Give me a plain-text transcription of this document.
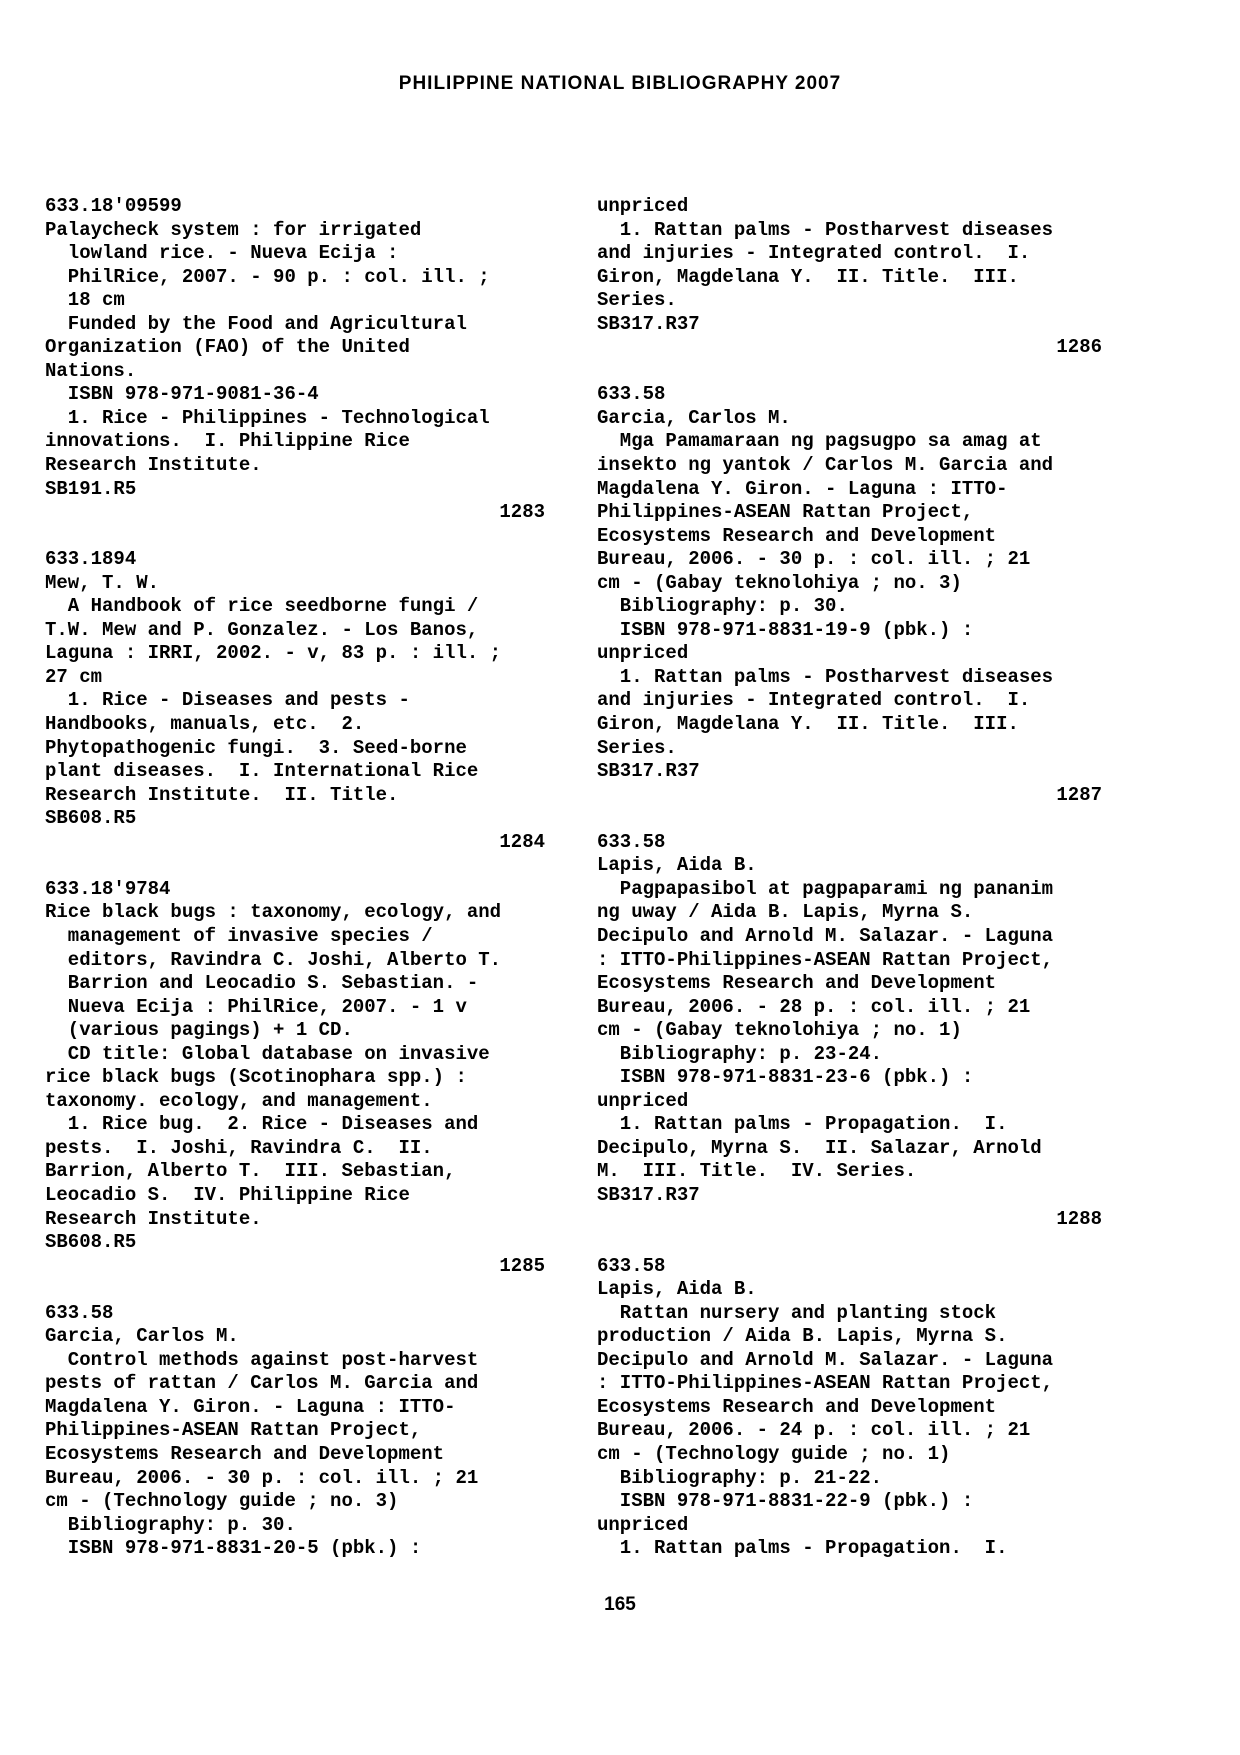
PHILIPPINE NATIONAL BIBLIOGRAPHY 2007
633.18'09599
Palaycheck system : for irrigated
lowland rice. - Nueva Ecija :
PhilRice, 2007. - 90 p. : col. ill. ;
18 cm
Funded by the Food and Agricultural
Organization (FAO) of the United
Nations.
ISBN 978-971-9081-36-4
1. Rice - Philippines - Technological
innovations.  I. Philippine Rice
Research Institute.
SB191.R5
1283

633.1894
Mew, T. W.
A Handbook of rice seedborne fungi /
T.W. Mew and P. Gonzalez. - Los Banos,
Laguna : IRRI, 2002. - v, 83 p. : ill. ;
27 cm
1. Rice - Diseases and pests -
Handbooks, manuals, etc.  2.
Phytopathogenic fungi.  3. Seed-borne
plant diseases.  I. International Rice
Research Institute.  II. Title.
SB608.R5
1284

633.18'9784
Rice black bugs : taxonomy, ecology, and
management of invasive species /
editors, Ravindra C. Joshi, Alberto T.
Barrion and Leocadio S. Sebastian. -
Nueva Ecija : PhilRice, 2007. - 1 v
(various pagings) + 1 CD.
CD title: Global database on invasive
rice black bugs (Scotinophara spp.) :
taxonomy. ecology, and management.
1. Rice bug.  2. Rice - Diseases and
pests.  I. Joshi, Ravindra C.  II.
Barrion, Alberto T.  III. Sebastian,
Leocadio S.  IV. Philippine Rice
Research Institute.
SB608.R5
1285

633.58
Garcia, Carlos M.
Control methods against post-harvest
pests of rattan / Carlos M. Garcia and
Magdalena Y. Giron. - Laguna : ITTO-
Philippines-ASEAN Rattan Project,
Ecosystems Research and Development
Bureau, 2006. - 30 p. : col. ill. ; 21
cm - (Technology guide ; no. 3)
Bibliography: p. 30.
ISBN 978-971-8831-20-5 (pbk.) :
unpriced
1. Rattan palms - Postharvest diseases
and injuries - Integrated control.  I.
Giron, Magdelana Y.  II. Title.  III.
Series.
SB317.R37
1286

633.58
Garcia, Carlos M.
Mga Pamamaraan ng pagsugpo sa amag at
insekto ng yantok / Carlos M. Garcia and
Magdalena Y. Giron. - Laguna : ITTO-
Philippines-ASEAN Rattan Project,
Ecosystems Research and Development
Bureau, 2006. - 30 p. : col. ill. ; 21
cm - (Gabay teknolohiya ; no. 3)
Bibliography: p. 30.
ISBN 978-971-8831-19-9 (pbk.) :
unpriced
1. Rattan palms - Postharvest diseases
and injuries - Integrated control.  I.
Giron, Magdelana Y.  II. Title.  III.
Series.
SB317.R37
1287

633.58
Lapis, Aida B.
Pagpapasibol at pagpaparami ng pananim
ng uway / Aida B. Lapis, Myrna S.
Decipulo and Arnold M. Salazar. - Laguna
: ITTO-Philippines-ASEAN Rattan Project,
Ecosystems Research and Development
Bureau, 2006. - 28 p. : col. ill. ; 21
cm - (Gabay teknolohiya ; no. 1)
Bibliography: p. 23-24.
ISBN 978-971-8831-23-6 (pbk.) :
unpriced
1. Rattan palms - Propagation.  I.
Decipulo, Myrna S.  II. Salazar, Arnold
M.  III. Title.  IV. Series.
SB317.R37
1288

633.58
Lapis, Aida B.
Rattan nursery and planting stock
production / Aida B. Lapis, Myrna S.
Decipulo and Arnold M. Salazar. - Laguna
: ITTO-Philippines-ASEAN Rattan Project,
Ecosystems Research and Development
Bureau, 2006. - 24 p. : col. ill. ; 21
cm - (Technology guide ; no. 1)
Bibliography: p. 21-22.
ISBN 978-971-8831-22-9 (pbk.) :
unpriced
1. Rattan palms - Propagation.  I.
165
